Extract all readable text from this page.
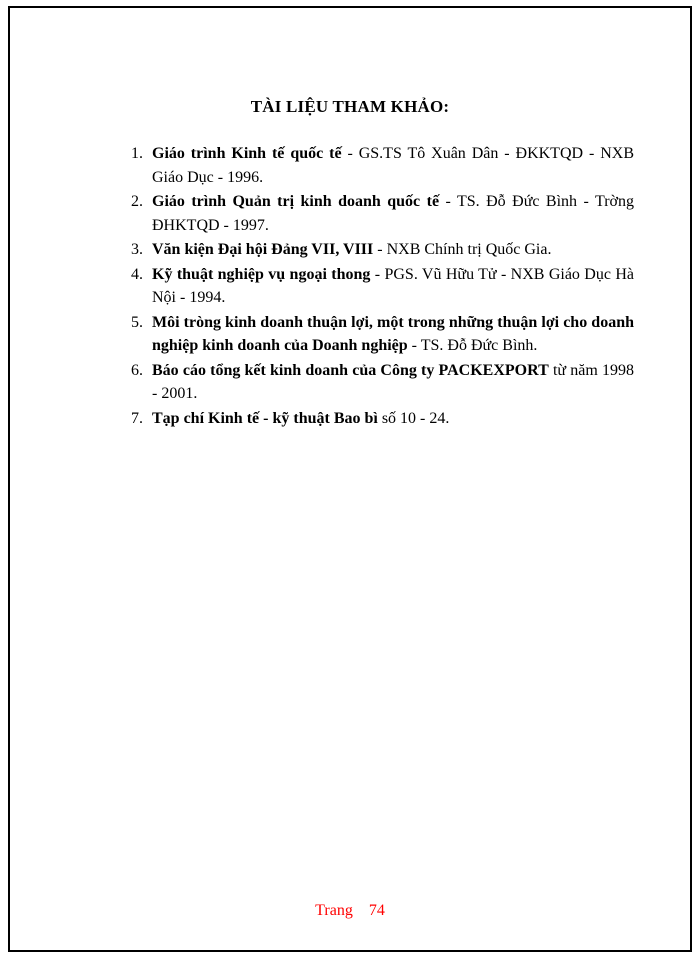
TÀI LIỆU THAM KHẢO:
1. Giáo trình Kinh tế quốc tế - GS.TS Tô Xuân Dân - ĐKKTQD - NXB Giáo Dục - 1996.
2. Giáo trình Quản trị kinh doanh quốc tế - TS. Đỗ Đức Bình - Trờng ĐHKTQD - 1997.
3. Văn kiện Đại hội Đảng VII, VIII - NXB Chính trị Quốc Gia.
4. Kỹ thuật nghiệp vụ ngoại thong - PGS. Vũ Hữu Tử - NXB Giáo Dục Hà Nội - 1994.
5. Môi tròng kinh doanh thuận lợi, một trong những thuận lợi cho doanh nghiệp kinh doanh của Doanh nghiệp - TS. Đỗ Đức Bình.
6. Báo cáo tổng kết kinh doanh của Công ty PACKEXPORT từ năm 1998 - 2001.
7. Tạp chí Kinh tế - kỹ thuật Bao bì số 10 - 24.
Trang 74
